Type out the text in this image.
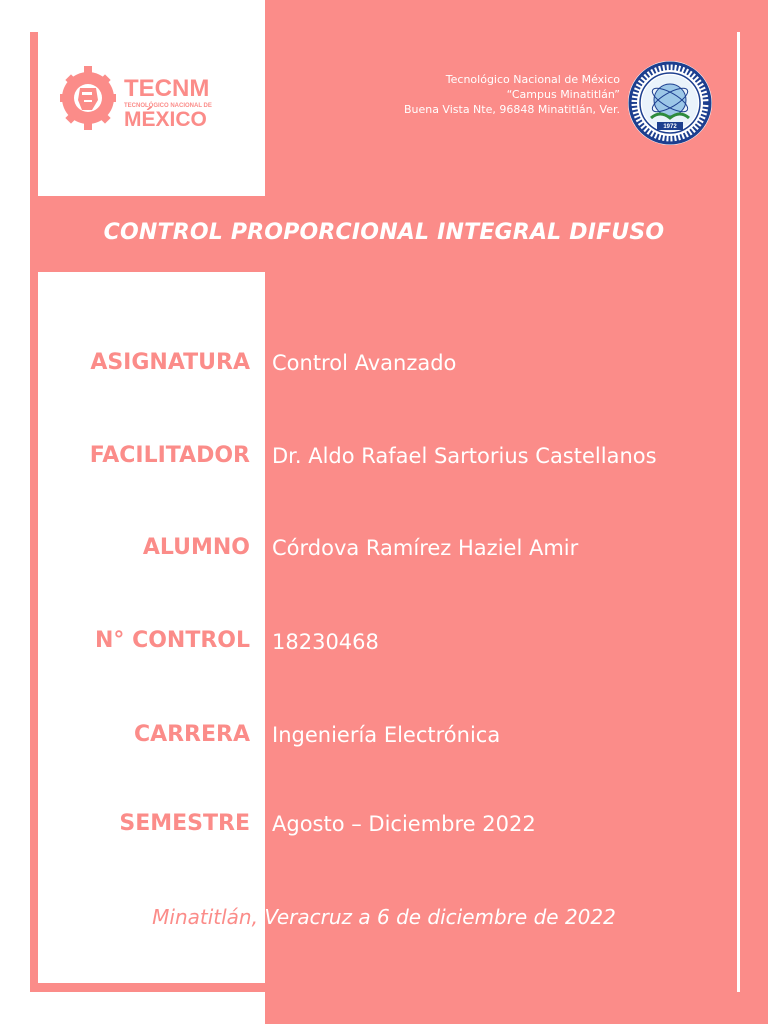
TECNM
TECNOLÓGICO NACIONAL DE
MÉXICO
Tecnológico Nacional de México
“Campus Minatitlán”
Buena Vista Nte, 96848 Minatitlán, Ver.
1972
CONTROL PROPORCIONAL INTEGRAL DIFUSO
ASIGNATURA Control Avanzado
FACILITADOR Dr. Aldo Rafael Sartorius Castellanos
ALUMNO Córdova Ramírez Haziel Amir
N° CONTROL 18230468
CARRERA Ingeniería Electrónica
SEMESTRE Agosto – Diciembre 2022
Minatitlán, Veracruz a 6 de diciembre de 2022
